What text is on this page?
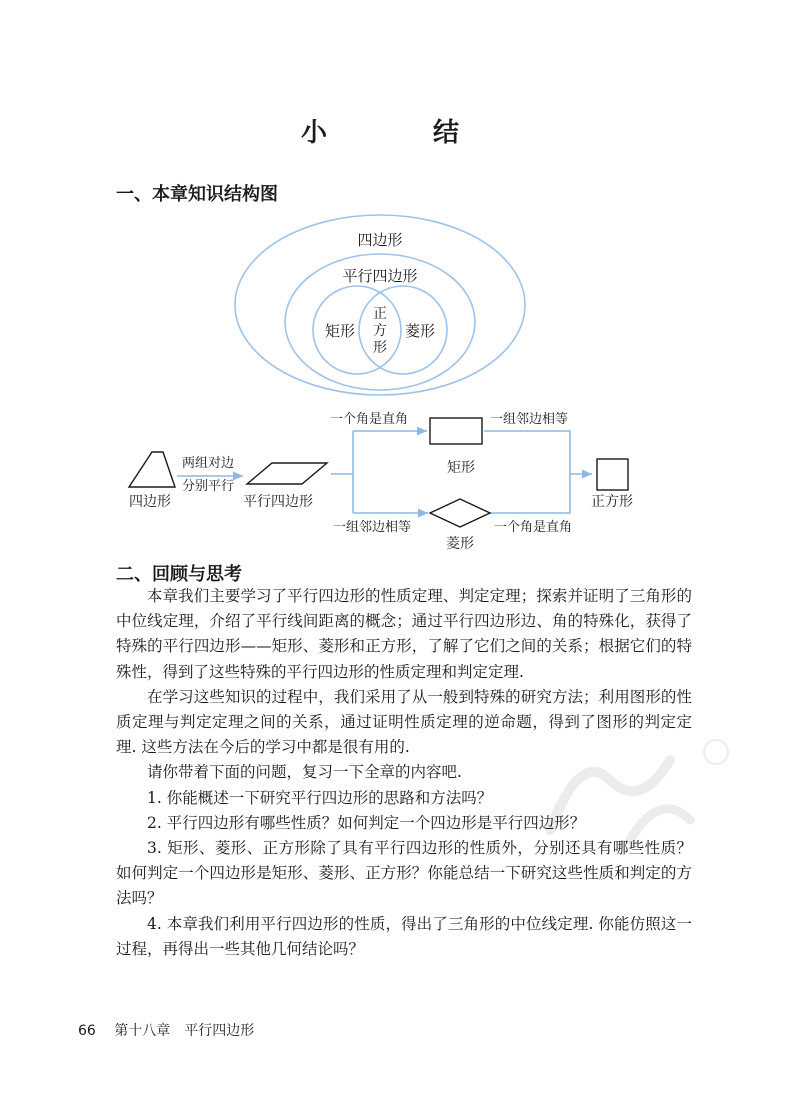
小　结
一、本章知识结构图
四边形
平行四边形
矩形	菱形
正
方
形
四边形
两组对边
分别平行
平行四边形
一个角是直角	一组邻边相等
矩形
正方形
菱形
一组邻边相等	一个角是直角
二、回顾与思考

本章我们主要学习了平行四边形的性质定理、判定定理；探索并证明了三角形的中位线定理，介绍了平行线间距离的概念；通过平行四边形边、角的特殊化，获得了特殊的平行四边形——矩形、菱形和正方形，了解了它们之间的关系；根据它们的特殊性，得到了这些特殊的平行四边形的性质定理和判定定理.

在学习这些知识的过程中，我们采用了从一般到特殊的研究方法；利用图形的性质定理与判定定理之间的关系，通过证明性质定理的逆命题，得到了图形的判定定理. 这些方法在今后的学习中都是很有用的.

请你带着下面的问题，复习一下全章的内容吧.

1. 你能概述一下研究平行四边形的思路和方法吗？

2. 平行四边形有哪些性质？如何判定一个四边形是平行四边形？

3. 矩形、菱形、正方形除了具有平行四边形的性质外，分别还具有哪些性质？如何判定一个四边形是矩形、菱形、正方形？你能总结一下研究这些性质和判定的方法吗？

4. 本章我们利用平行四边形的性质，得出了三角形的中位线定理. 你能仿照这一过程，再得出一些其他几何结论吗？

66 第十八章　平行四边形
